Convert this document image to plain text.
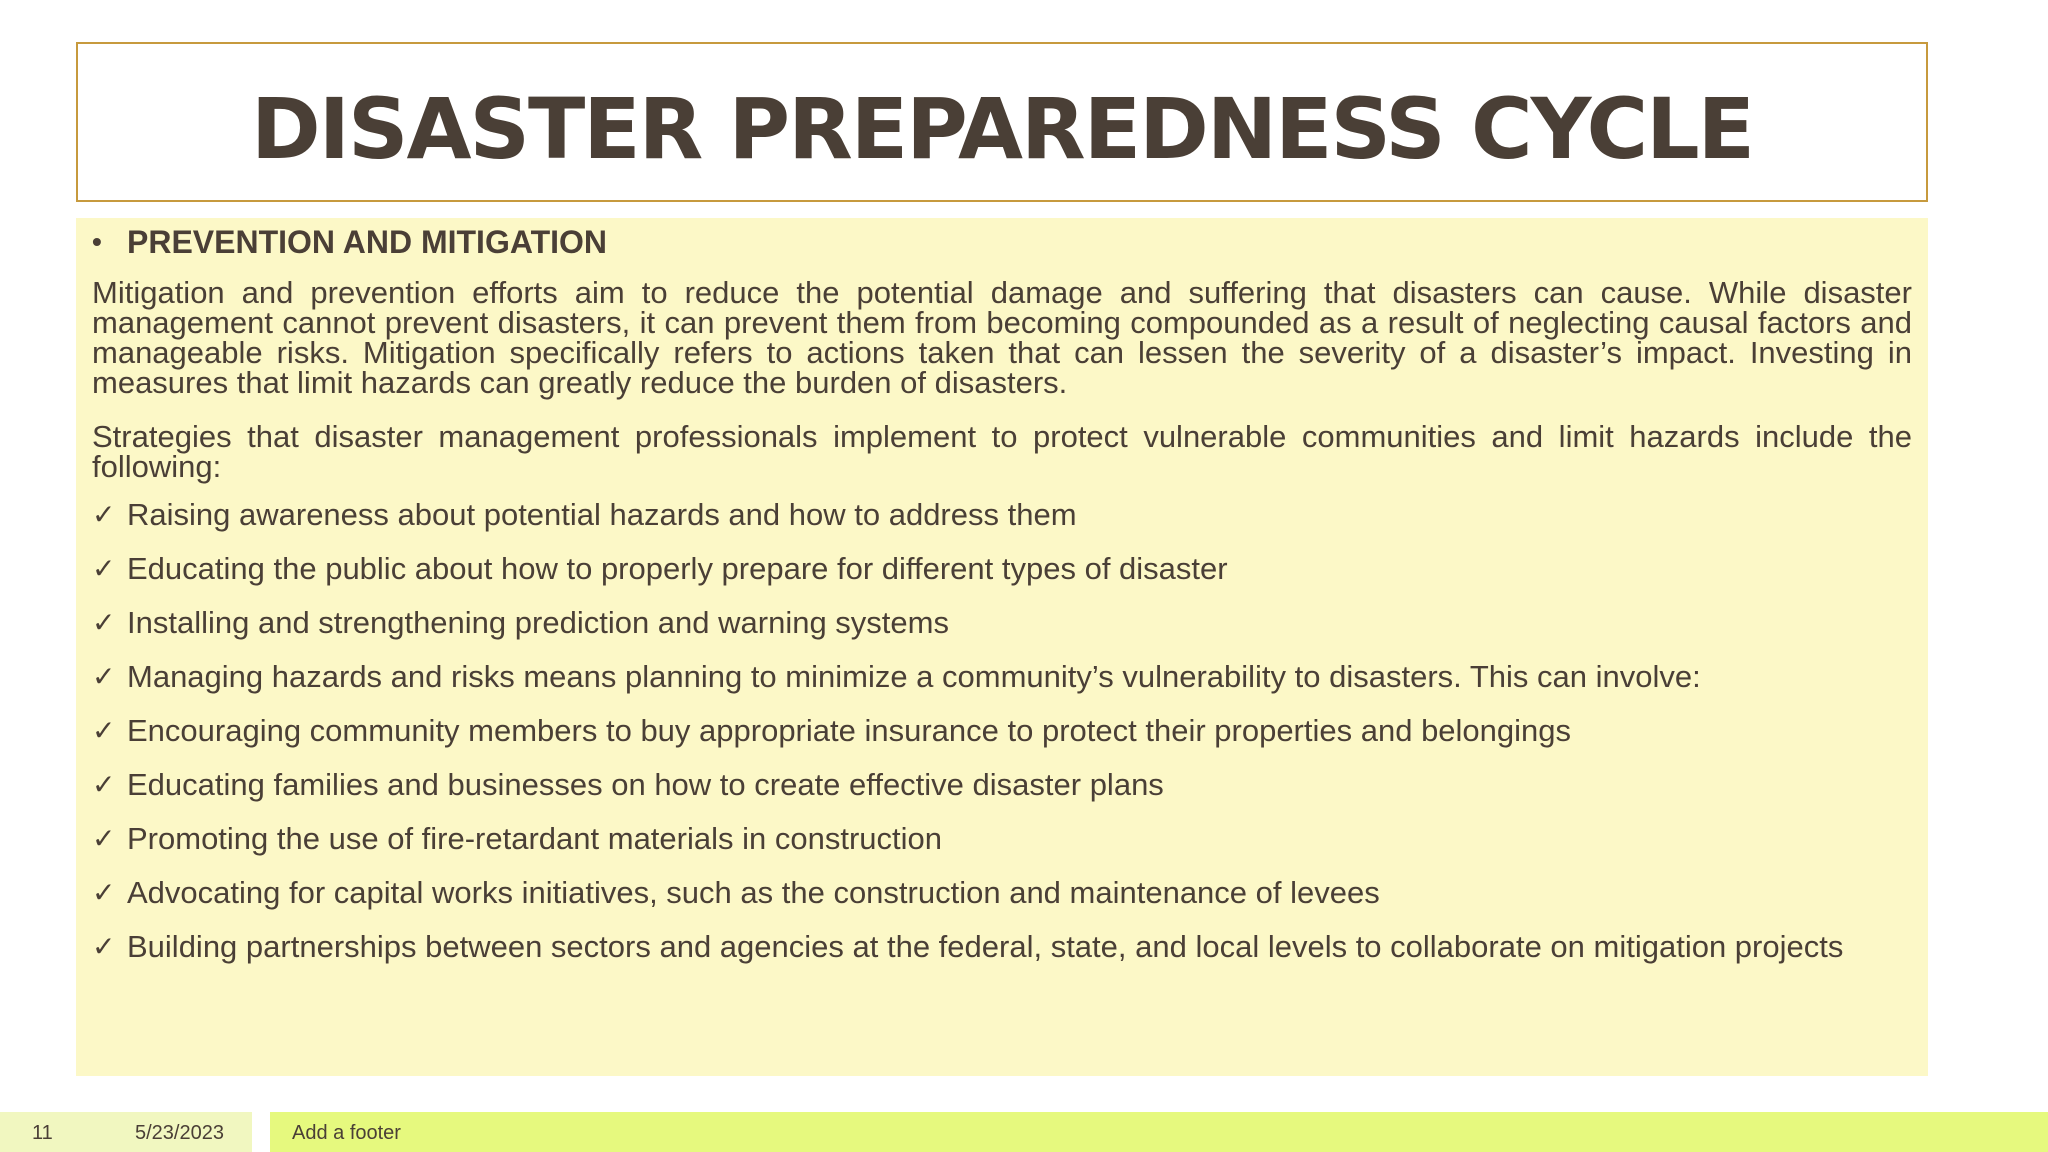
DISASTER PREPAREDNESS CYCLE
• PREVENTION AND MITIGATION

Mitigation and prevention efforts aim to reduce the potential damage and suffering that disasters can cause. While disaster management cannot prevent disasters, it can prevent them from becoming compounded as a result of neglecting causal factors and manageable risks. Mitigation specifically refers to actions taken that can lessen the severity of a disaster’s impact. Investing in measures that limit hazards can greatly reduce the burden of disasters.

Strategies that disaster management professionals implement to protect vulnerable communities and limit hazards include the following:

✓ Raising awareness about potential hazards and how to address them
✓ Educating the public about how to properly prepare for different types of disaster
✓ Installing and strengthening prediction and warning systems
✓ Managing hazards and risks means planning to minimize a community’s vulnerability to disasters. This can involve:
✓ Encouraging community members to buy appropriate insurance to protect their properties and belongings
✓ Educating families and businesses on how to create effective disaster plans
✓ Promoting the use of fire-retardant materials in construction
✓ Advocating for capital works initiatives, such as the construction and maintenance of levees
✓ Building partnerships between sectors and agencies at the federal, state, and local levels to collaborate on mitigation projects
11	5/23/2023	Add a footer
